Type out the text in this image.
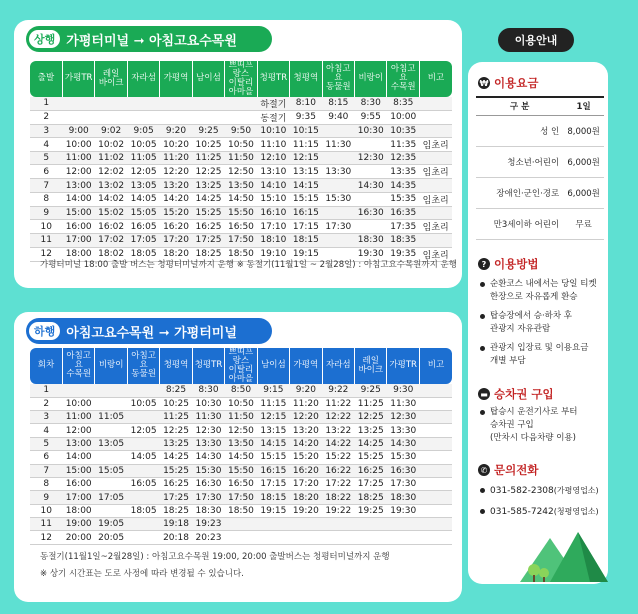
상행 가평터미널 ➞ 아침고요수목원
출발	가평TR	레일
바이크	자라섬	가평역	남이섬	쁘띠프랑스
이탈리아마을	청평TR	청평역	아침고요
동물원	비랑이	아침고요
수목원	비고

1							하절기	8:10	8:15	8:30	8:35	
2							동절기	9:35	9:40	9:55	10:00	
3	9:00	9:02	9:05	9:20	9:25	9:50	10:10	10:15		10:30	10:35	
4	10:00	10:02	10:05	10:20	10:25	10:50	11:10	11:15	11:30		11:35	임초리
5	11:00	11:02	11:05	11:20	11:25	11:50	12:10	12:15		12:30	12:35	
6	12:00	12:02	12:05	12:20	12:25	12:50	13:10	13:15	13:30		13:35	임초리
7	13:00	13:02	13:05	13:20	13:25	13:50	14:10	14:15		14:30	14:35	
8	14:00	14:02	14:05	14:20	14:25	14:50	15:10	15:15	15:30		15:35	임초리
9	15:00	15:02	15:05	15:20	15:25	15:50	16:10	16:15		16:30	16:35	
10	16:00	16:02	16:05	16:20	16:25	16:50	17:10	17:15	17:30		17:35	임초리
11	17:00	17:02	17:05	17:20	17:25	17:50	18:10	18:15		18:30	18:35	
12	18:00	18:02	18:05	18:20	18:25	18:50	19:10	19:15		19:30	19:35	임초리
가평터미널 18:00 출발 버스는 청평터미널까지 운행 ※ 동절기(11월1일 ~ 2월28일) : 아침고요수목원까지 운행
하행 아침고요수목원 ➞ 가평터미널
회차	아침고요
수목원	비랑이	아침고요
동물원	청평역	청평TR	쁘띠프랑스
이탈리아마을	남이섬	가평역	자라섬	레일
바이크	가평TR	비고

1				8:25	8:30	8:50	9:15	9:20	9:22	9:25	9:30	
2	10:00		10:05	10:25	10:30	10:50	11:15	11:20	11:22	11:25	11:30	
3	11:00	11:05		11:25	11:30	11:50	12:15	12:20	12:22	12:25	12:30	
4	12:00		12:05	12:25	12:30	12:50	13:15	13:20	13:22	13:25	13:30	
5	13:00	13:05		13:25	13:30	13:50	14:15	14:20	14:22	14:25	14:30	
6	14:00		14:05	14:25	14:30	14:50	15:15	15:20	15:22	15:25	15:30	
7	15:00	15:05		15:25	15:30	15:50	16:15	16:20	16:22	16:25	16:30	
8	16:00		16:05	16:25	16:30	16:50	17:15	17:20	17:22	17:25	17:30	
9	17:00	17:05		17:25	17:30	17:50	18:15	18:20	18:22	18:25	18:30	
10	18:00		18:05	18:25	18:30	18:50	19:15	19:20	19:22	19:25	19:30	
11	19:00	19:05		19:18	19:23							
12	20:00	20:05		20:18	20:23							
동절기(11월1일~2월28일) : 아침고요수목원 19:00, 20:00 출발버스는 청평터미널까지 운행
※ 상기 시간표는 도로 사정에 따라 변경될 수 있습니다.
이용안내
₩ 이용요금
구 분	1일
성 인	8,000원
청소년·어린이	6,000원
장애인·군인·경로	6,000원
만3세이하 어린이	무료
? 이용방법
순환코스 내에서는 당일 티켓
한장으로 자유롭게 환승
탑승장에서 승·하차 후
관광지 자유관람
관광지 입장료 및 이용요금
개별 부담
▬ 승차권 구입
탑승시 운전기사로 부터
승차권 구입
(만차시 다음차량 이용)
✆ 문의전화
031-582-2308(가평영업소)
031-585-7242(청평영업소)
